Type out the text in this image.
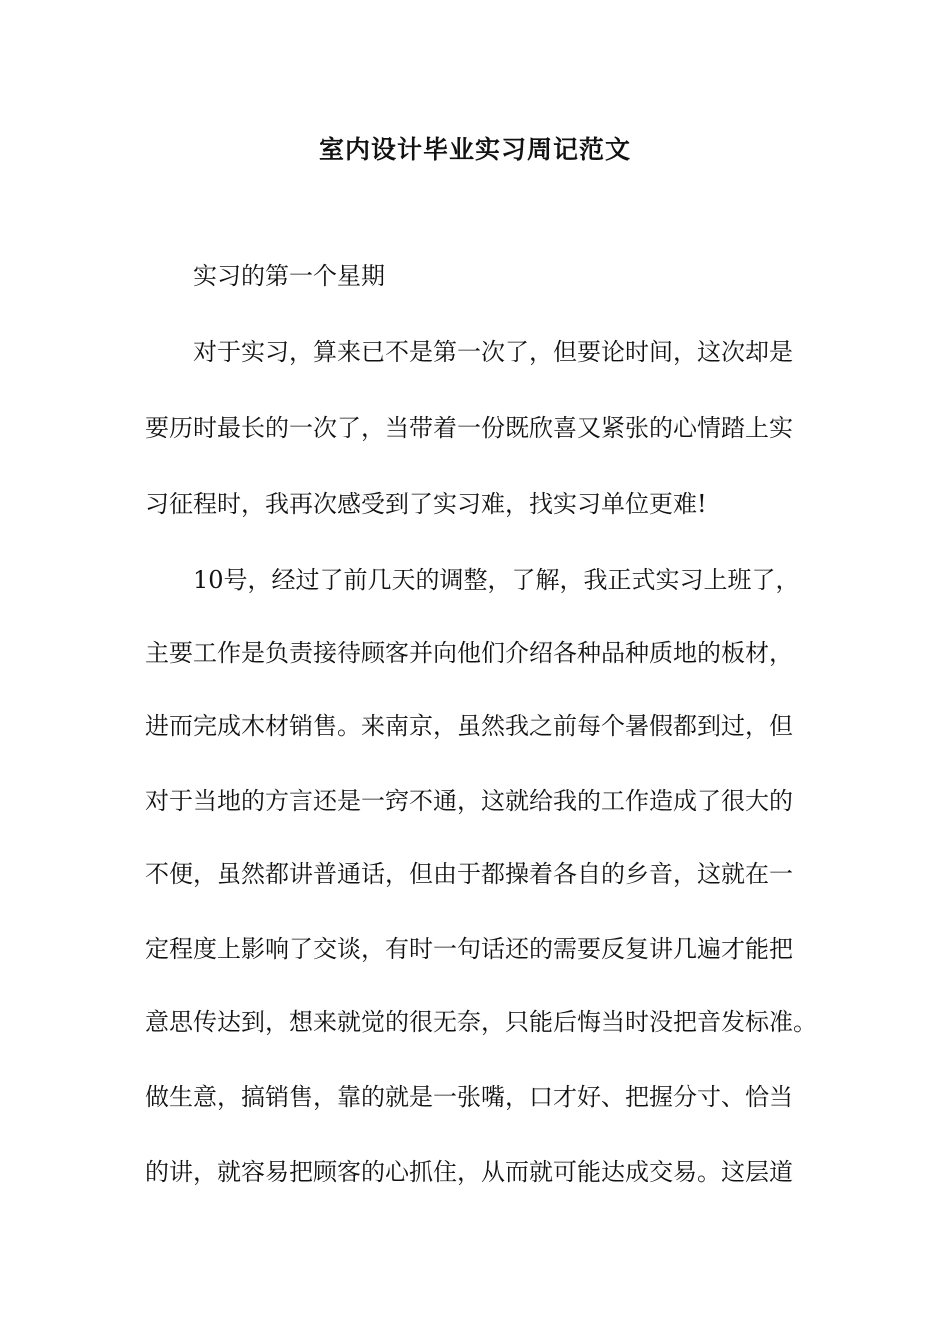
室内设计毕业实习周记范文

实习的第一个星期

对于实习，算来已不是第一次了，但要论时间，这次却是

要历时最长的一次了，当带着一份既欣喜又紧张的心情踏上实

习征程时，我再次感受到了实习难，找实习单位更难!

10号，经过了前几天的调整，了解，我正式实习上班了，

主要工作是负责接待顾客并向他们介绍各种品种质地的板材，

进而完成木材销售。来南京，虽然我之前每个暑假都到过，但

对于当地的方言还是一窍不通，这就给我的工作造成了很大的

不便，虽然都讲普通话，但由于都操着各自的乡音，这就在一

定程度上影响了交谈，有时一句话还的需要反复讲几遍才能把

意思传达到，想来就觉的很无奈，只能后悔当时没把音发标准。

做生意，搞销售，靠的就是一张嘴，口才好、把握分寸、恰当

的讲，就容易把顾客的心抓住，从而就可能达成交易。这层道
